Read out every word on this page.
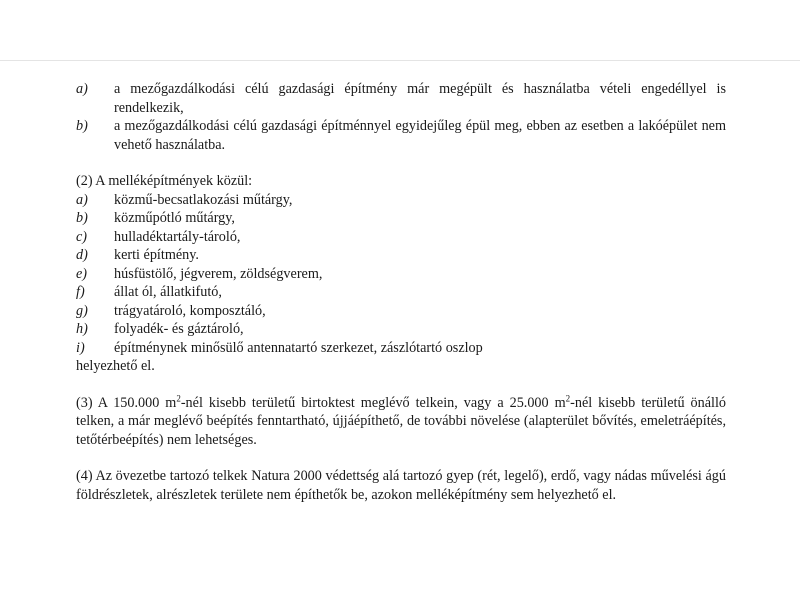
a)	a mezőgazdálkodási célú gazdasági építmény már megépült és használatba vételi engedéllyel is rendelkezik,
b)	a mezőgazdálkodási célú gazdasági építménnyel egyidejűleg épül meg, ebben az esetben a lakóépület nem vehető használatba.
(2) A melléképítmények közül:
a)	közmű-becsatlakozási műtárgy,
b)	közműpótló műtárgy,
c)	hulladéktartály-tároló,
d)	kerti építmény.
e)	húsfüstölő, jégverem, zöldségverem,
f)	állat ól, állatkifutó,
g)	trágyatároló, komposztáló,
h)	folyadék- és gáztároló,
i)	építménynek minősülő antennatartó szerkezet, zászlótartó oszlop
helyezhető el.
(3) A 150.000 $m^2$-nél kisebb területű birtoktest meglévő telkein, vagy a 25.000 $m^2$-nél kisebb területű önálló telken, a már meglévő beépítés fenntartható, újjáépíthető, de további növelése (alapterület bővítés, emeletráépítés, tetőtérbeépítés) nem lehetséges.
(4) Az övezetbe tartozó telkek Natura 2000 védettség alá tartozó gyep (rét, legelő), erdő, vagy nádas művelési ágú földrészletek, alrészletek területe nem építhetők be, azokon melléképítmény sem helyezhető el.
